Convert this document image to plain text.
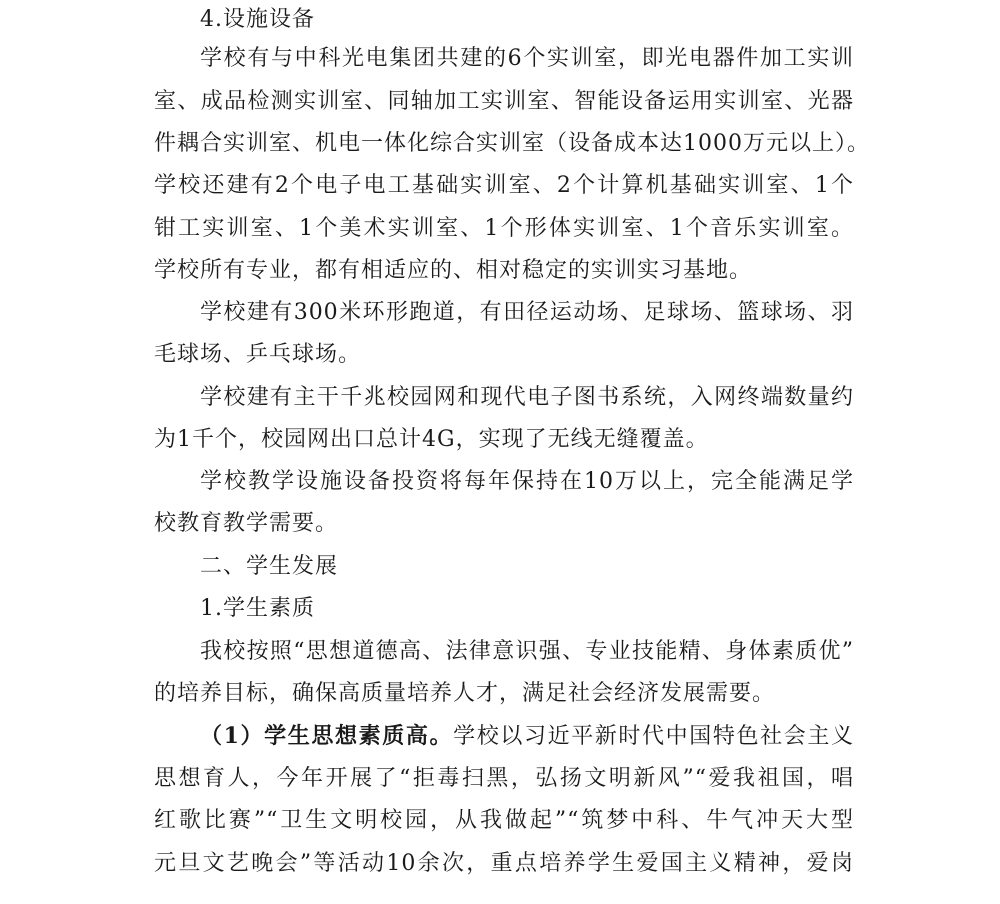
4.设施设备
学校有与中科光电集团共建的6个实训室，即光电器件加工实训
室、成品检测实训室、同轴加工实训室、智能设备运用实训室、光器
件耦合实训室、机电一体化综合实训室（设备成本达1000万元以上）。
学校还建有2个电子电工基础实训室、2个计算机基础实训室、1个
钳工实训室、1个美术实训室、1个形体实训室、1个音乐实训室。
学校所有专业，都有相适应的、相对稳定的实训实习基地。
学校建有300米环形跑道，有田径运动场、足球场、篮球场、羽
毛球场、乒乓球场。
学校建有主干千兆校园网和现代电子图书系统，入网终端数量约
为1千个，校园网出口总计4G，实现了无线无缝覆盖。
学校教学设施设备投资将每年保持在10万以上，完全能满足学
校教育教学需要。
二、学生发展
1.学生素质
我校按照“思想道德高、法律意识强、专业技能精、身体素质优”
的培养目标，确保高质量培养人才，满足社会经济发展需要。
（1）学生思想素质高。学校以习近平新时代中国特色社会主义
思想育人，今年开展了“拒毒扫黑，弘扬文明新风”“爱我祖国，唱
红歌比赛”“卫生文明校园，从我做起”“筑梦中科、牛气冲天大型
元旦文艺晚会”等活动10余次，重点培养学生爱国主义精神，爱岗
